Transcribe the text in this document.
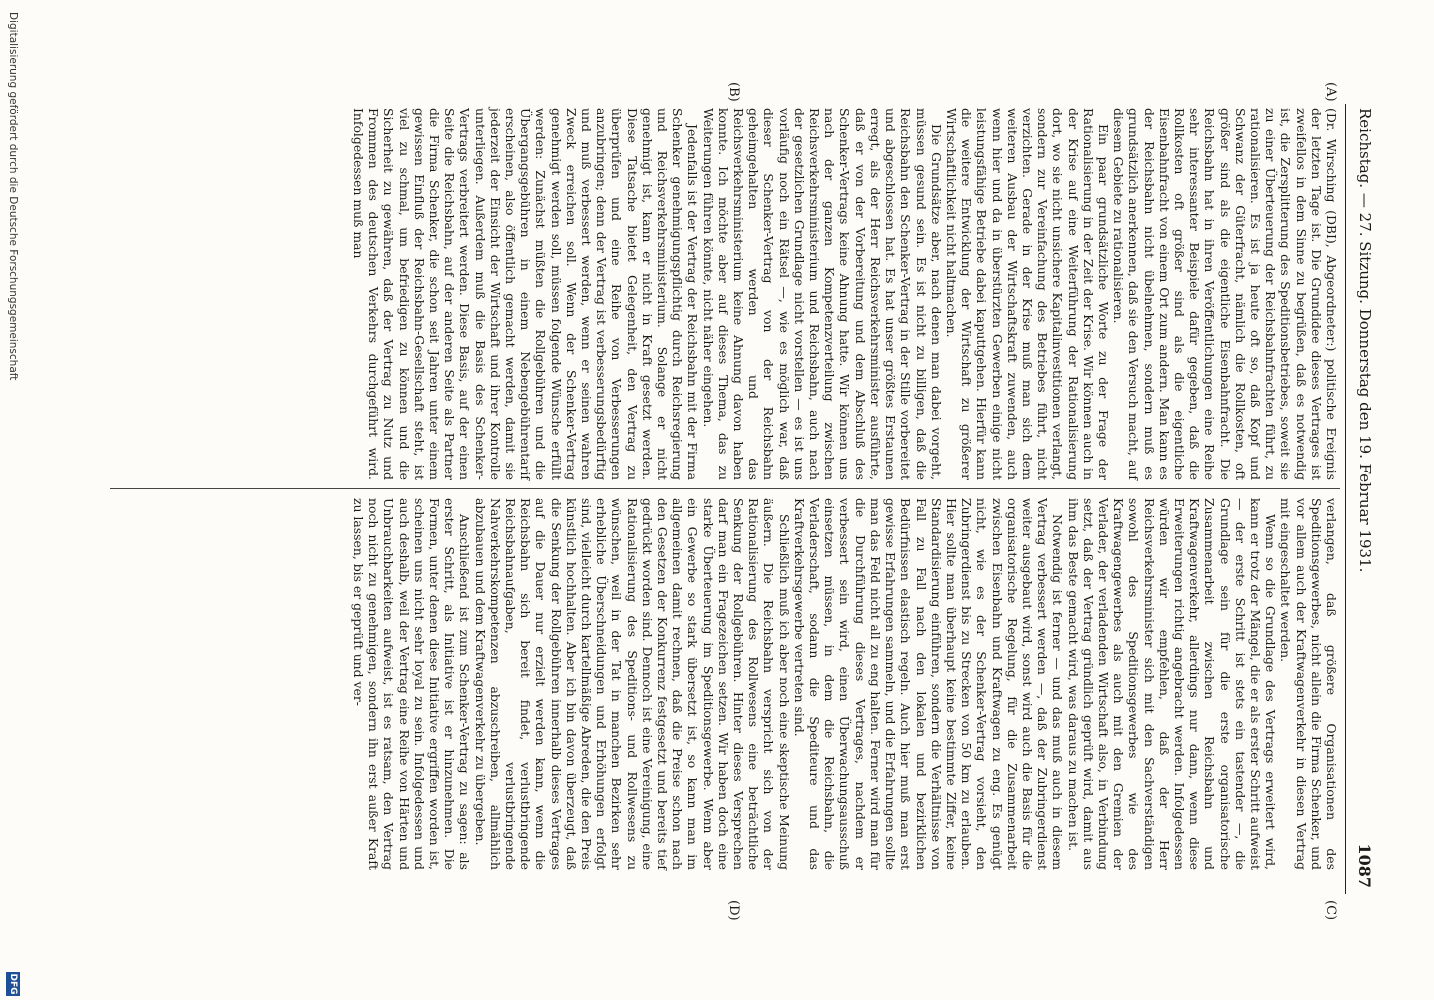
Reichstag. — 27. Sitzung. Donnerstag den 19. Februar 1931.
1087
(A)
(B)
(C)
(D)

(Dr. Wirsching (DBI), Abgeordneter:) politische Ereignis der letzten Tage ist. Die Grundidee dieses Vertrages ist zweifellos in dem Sinne zu begrüßen, daß es notwendig ist, die Zersplitterung des Speditionsbetriebes, soweit sie zu einer Überteuerung der Reichsbahnfrachten führt, zu rationalisieren. Es ist ja heute oft so, daß Kopf und Schwanz der Güterfracht, nämlich die Rollkosten, oft größer sind als die eigentliche Eisenbahnfracht. Die Reichsbahn hat in ihren Veröffentlichungen eine Reihe sehr interessanter Beispiele dafür gegeben, daß die Rollkosten oft größer sind als die eigentliche Eisenbahnfracht von einem Ort zum andern. Man kann es der Reichsbahn nicht übelnehmen, sondern muß es grundsätzlich anerkennen, daß sie den Versuch macht, auf diesem Gebiete zu rationalisieren.

Ein paar grundsätzliche Worte zu der Frage der Rationalisierung in der Zeit der Krise. Wir können auch in der Krise auf eine Weiterführung der Rationalisierung dort, wo sie nicht unsichere Kapitalinvestitionen verlangt, sondern zur Vereinfachung des Betriebes führt, nicht verzichten. Gerade in der Krise muß man sich dem weiteren Ausbau der Wirtschaftskraft zuwenden, auch wenn hier und da in überstürzten Gewerben einige nicht leistungsfähige Betriebe dabei kaputtgehen. Hierfür kann die weitere Entwicklung der Wirtschaft zu größerer Wirtschaftlichkeit nicht haltmachen.

Die Grundsätze aber, nach denen man dabei vorgeht, müssen gesund sein. Es ist nicht zu billigen, daß die Reichsbahn den Schenker-Vertrag in der Stille vorbereitet und abgeschlossen hat. Es hat unser größtes Erstaunen erregt, als der Herr Reichsverkehrsminister ausführte, daß er von der Vorbereitung und dem Abschluß des Schenker-Vertrags keine Ahnung hatte. Wir können uns nach der ganzen Kompetenzverteilung zwischen Reichsverkehrsministerium und Reichsbahn, auch nach der gesetzlichen Grundlage nicht vorstellen — es ist uns vorläufig noch ein Rätsel —, wie es möglich war, daß dieser Schenker-Vertrag von der Reichsbahn geheimgehalten werden und das Reichsverkehrsministerium keine Ahnung davon haben konnte. Ich möchte aber auf dieses Thema, das zu Weiterungen führen könnte, nicht näher eingehen.

Jedenfalls ist der Vertrag der Reichsbahn mit der Firma Schenker genehmigungspflichtig durch Reichsregierung und Reichsverkehrsministerium. Solange er nicht genehmigt ist, kann er nicht in Kraft gesetzt werden. Diese Tatsache bietet Gelegenheit, den Vertrag zu überprüfen und eine Reihe von Verbesserungen anzubringen; denn der Vertrag ist verbesserungsbedürftig und muß verbessert werden, wenn er seinen wahren Zweck erreichen soll. Wenn der Schenker-Vertrag genehmigt werden soll, müssen folgende Wünsche erfüllt werden: Zunächst müßten die Rollgebühren und die Übergangsgebühren in einem Nebengebührentarif erscheinen, also öffentlich gemacht werden, damit sie jederzeit der Einsicht der Wirtschaft und ihrer Kontrolle unterliegen. Außerdem muß die Basis des Schenker-Vertrags verbreitert werden. Diese Basis, auf der einen Seite die Reichsbahn, auf der anderen Seite als Partner die Firma Schenker, die schon seit Jahren unter einem gewissen Einfluß der Reichsbahn-Gesellschaft steht, ist viel zu schmal, um befriedigen zu können und die Sicherheit zu gewähren, daß der Vertrag zu Nutz und Frommen des deutschen Verkehrs durchgeführt wird. Infolgedessen muß man

verlangen, daß größere Organisationen des Speditionsgewerbes, nicht allein die Firma Schenker, und vor allem auch der Kraftwagenverkehr in diesen Vertrag mit eingeschaltet werden.

Wenn so die Grundlage des Vertrags erweitert wird, kann er trotz der Mängel, die er als erster Schritt aufweist — der erste Schritt ist stets ein tastender —, die Grundlage sein für die erste organisatorische Zusammenarbeit zwischen Reichsbahn und Kraftwagenverkehr, allerdings nur dann, wenn diese Erweiterungen richtig angebracht werden. Infolgedessen würden wir empfehlen, daß der Herr Reichsverkehrsminister sich mit den Sachverständigen sowohl des Speditionsgewerbes wie des Kraftwagengewerbes als auch mit den Gremien der Verlader, der verladenden Wirtschaft also, in Verbindung setzt, daß der Vertrag gründlich geprüft wird, damit aus ihm das Beste gemacht wird, was daraus zu machen ist.

Notwendig ist ferner — und das muß auch in diesem Vertrag verbessert werden —, daß der Zubringerdienst weiter ausgebaut wird, sonst wird auch die Basis für die organisatorische Regelung, für die Zusammenarbeit zwischen Eisenbahn und Kraftwagen zu eng. Es genügt nicht, wie es der Schenker-Vertrag vorsieht, den Zubringerdienst bis zu Strecken von 50 km zu erlauben. Hier sollte man überhaupt keine bestimmte Ziffer, keine Standardisierung einführen, sondern die Verhältnisse von Fall zu Fall nach den lokalen und bezirklichen Bedürfnissen elastisch regeln. Auch hier muß man erst gewisse Erfahrungen sammeln, und die Erfahrungen sollte man das Feld nicht all zu eng halten. Ferner wird man für die Durchführung dieses Vertrages, nachdem er verbessert sein wird, einen Überwachungsausschuß einsetzen müssen, in dem die Reichsbahn, die Verladerschaft, sodann die Spediteure und das Kraftverkehrsgewerbe vertreten sind.

Schließlich muß ich aber noch eine skeptische Meinung äußern. Die Reichsbahn verspricht sich von der Rationalisierung des Rollwesens eine beträchtliche Senkung der Rollgebühren. Hinter dieses Versprechen darf man ein Fragezeichen setzen. Wir haben doch eine starke Überteuerung im Speditionsgewerbe. Wenn aber ein Gewerbe so stark übersetzt ist, so kann man im allgemeinen damit rechnen, daß die Preise schon nach den Gesetzen der Konkurrenz festgesetzt und bereits tief gedrückt worden sind. Dennoch ist eine Vereinigung, eine Rationalisierung des Speditions- und Rollwesens zu wünschen, weil in der Tat in manchen Bezirken sehr erhebliche Überschneidungen und Erhöhungen erfolgt sind, vielleicht durch kartellmäßige Abreden, die den Preis künstlich hochhalten. Aber ich bin davon überzeugt, daß die Senkung der Rollgebühren innerhalb dieses Vertrages auf die Dauer nur erzielt werden kann, wenn die Reichsbahn sich bereit findet, verlustbringende Reichsbahnaufgaben, verlustbringende Nahverkehrskompetenzen abzuschreiben, allmählich abzubauen und dem Kraftwagenverkehr zu übergeben.

Anschließend ist zum Schenker-Vertrag zu sagen: als erster Schritt, als Initiative ist er hinzunehmen. Die Formen, unter denen diese Initiative ergriffen worden ist, scheinen uns nicht sehr loyal zu sein. Infolgedessen und auch deshalb, weil der Vertrag eine Reihe von Härten und Unbrauchbarkeiten aufweist, ist es ratsam, den Vertrag noch nicht zu genehmigen, sondern ihn erst außer Kraft zu lassen, bis er geprüft und ver-

Digitalisierung gefördert durch die Deutsche Forschungsgemeinschaft
DFG
